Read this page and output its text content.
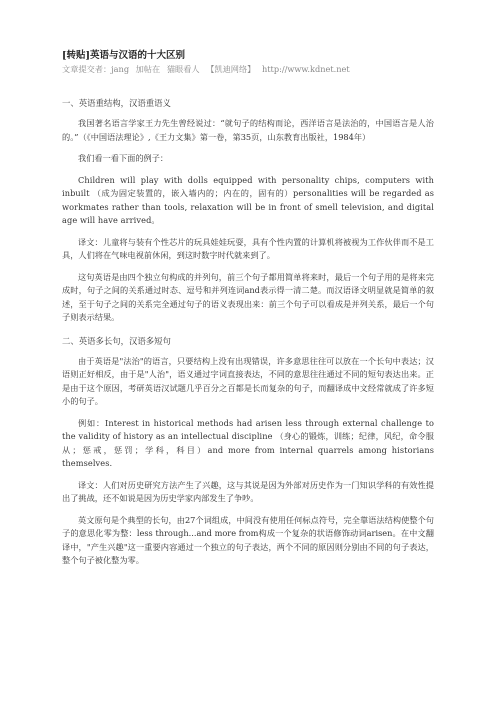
[转贴]英语与汉语的十大区别
文章提交者：jang 加帖在 猫眼看人 【凯迪网络】 http://www.kdnet.net
一、英语重结构，汉语重语义

我国著名语言学家王力先生曾经说过：“就句子的结构而论，西洋语言是法治的，中国语言是人治的。”（《中国语法理论》,《王力文集》第一卷，第35页，山东教育出版社，1984年）

我们看一看下面的例子：

Children will play with dolls equipped with personality chips, computers with inbuilt （成为固定装置的，嵌入墙内的；内在的，固有的）personalities will be regarded as workmates rather than tools, relaxation will be in front of smell television, and digital age will have arrived。

译文：儿童将与装有个性芯片的玩具娃娃玩耍，具有个性内置的计算机将被视为工作伙伴而不是工具，人们将在气味电视前休闲，到这时数字时代就来到了。

这句英语是由四个独立句构成的并列句，前三个句子都用简单将来时，最后一个句子用的是将来完成时，句子之间的关系通过时态、逗号和并列连词and表示得一清二楚。而汉语译文明显就是简单的叙述，至于句子之间的关系完全通过句子的语义表现出来：前三个句子可以看成是并列关系，最后一个句子则表示结果。

二、英语多长句，汉语多短句

由于英语是"法治"的语言，只要结构上没有出现错误，许多意思往往可以放在一个长句中表达；汉语则正好相反，由于是"人治"，语义通过字词直接表达，不同的意思往往通过不同的短句表达出来。正是由于这个原因，考研英语汉试题几乎百分之百都是长而复杂的句子，而翻译成中文经常就成了许多短小的句子。

例如：Interest in historical methods had arisen less through external challenge to the validity of history as an intellectual discipline （身心的锻炼，训练；纪律，风纪，命令服从；惩戒，惩罚；学科，科目）and more from internal quarrels among historians themselves.

译文：人们对历史研究方法产生了兴趣，这与其说是因为外部对历史作为一门知识学科的有效性提出了挑战，还不如说是因为历史学家内部发生了争吵。

英文原句是个典型的长句，由27个词组成，中间没有使用任何标点符号，完全靠语法结构使整个句子的意思化零为整：less through...and more from构成一个复杂的状语修饰动词arisen。在中文翻译中，"产生兴趣"这一重要内容通过一个独立的句子表达，两个不同的原因则分别由不同的句子表达，整个句子被化整为零。
